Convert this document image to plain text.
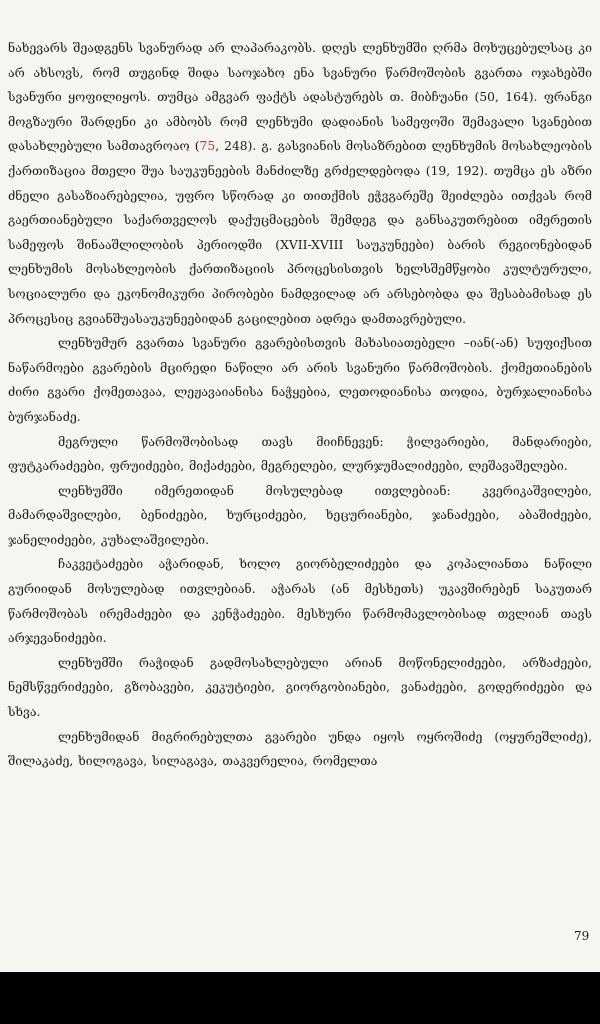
ნახევარს შეადგენს სვანურად არ ლაპარაკობს. დღეს ლენხუმში ღრმა მოხუცებულსაც კი არ ახსოვს, რომ თუგინდ შიდა საოჯახო ენა სვანური წარმოშობის გვართა ოჯახებში სვანური ყოფილიყოს. თუმცა ამგვარ ფაქტს ადასტურებს თ. მიბჩუანი (50, 164). ფრანგი მოგზაური შარდენი კი ამბობს რომ ლენხუმი დადიანის სამეფოში შემავალი სვანებით დასახლებული სამთავროაო (75, 248). გ. გასვიანის მოსაზრებით ლენხუმის მოსახლეობის ქართიზაცია მთელი შუა საუკუნეების მანძილზე გრძელდებოდა (19, 192). თუმცა ეს აზრი ძნელი გასაზიარებელია, უფრო სწორად კი თითქმის ეჭვგარეშე შეიძლება ითქვას რომ გაერთიანებული საქართველოს დაქუცმაცების შემდეგ და განსაკუთრებით იმერეთის სამეფოს შინააშლილობის პერიოდში (XVII-XVIII საუკუნეები) ბარის რეგიონებიდან ლენხუმის მოსახლეობის ქართიზაციის პროცესისთვის ხელსშემწყობი კულტურული, სოციალური და ეკონომიკური პირობები ნამდვილად არ არსებობდა და შესაბამისად ეს პროცესიც გვიანშუასაუკუნეებიდან გაცილებით ადრეა დამთავრებული.

ლენხუმურ გვართა სვანური გვარებისთვის მახასიათებელი –იან(-ან) სუფიქსით ნაწარმოები გვარების მცირედი ნაწილი არ არის სვანური წარმოშობის. ქომეთიანების ძირი გვარი ქომეთავაა, ლეჟავაიანისა ნაჭყებია, ლეთოდიანისა თოდია, ბურჯალიანისა ბურჯანაძე.

მეგრული წარმოშობისად თავს მიიჩნევენ: ჭილვარიები, მანდარიები, ფუტკარაძეები, ფრუიძეები, მიქაძეები, მეგრელები, ლურჯუმალიძეები, ლეშავაშელები.

ლენხუმში იმერეთიდან მოსულებად ითვლებიან: კვერიკაშვილები, მამარდაშვილები, ბენიძეები, ხურციძეები, ხეცურიანები, ჯანაძეები, აბაშიძეები, ჯანელიძეები, კუხალაშვილები.

ჩაკვეტაძეები აჭარიდან, ხოლო გიორბელიძეები და კოპალიანთა ნაწილი გურიიდან მოსულებად ითვლებიან. აჭარას (ან მესხეთს) უკავშირებენ საკუთარ წარმოშობას ირემაძეები და კენჭაძეები. მესხური წარმომავლობისად თვლიან თავს არჯევანიძეები.

ლენხუმში რაჭიდან გადმოსახლებული არიან მოწონელიძეები, არზაძეები, ნემსწვერიძეები, გზობავები, კეკუტიები, გიორგობიანები, ვანაძეები, გოდერიძეები და სხვა.

ლენხუმიდან მიგრირებულთა გვარები უნდა იყოს ოყროშიძე (ოყურეშლიძე), შილაკაძე, ხილოგავა, სილაგავა, თაკვერელია, რომელთა

79
